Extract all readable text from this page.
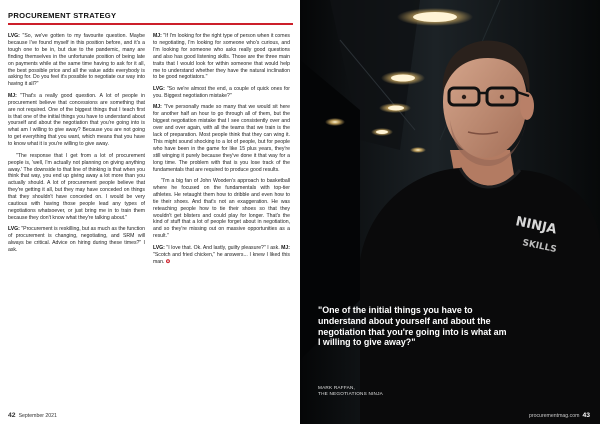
PROCUREMENT STRATEGY

LVG: "So, we've gotten to my favourite question. Maybe because I've found myself in this position before, and it's a tough one to be in, but due to the pandemic, many are finding themselves in the unfortunate position of being late on payments while at the same time having to ask for it all, the best possible price and all the value adds everybody is asking for. Do you feel it's possible to negotiate our way into having it all?"

MJ: "That's a really good question. A lot of people in procurement believe that concessions are something that are not required. One of the biggest things that I teach first is that one of the initial things you have to understand about yourself and about the negotiation that you're going into is what am I willing to give away? Because you are not going to get everything that you want, which means that you have to know what it is you're willing to give away.

"The response that I get from a lot of procurement people is, 'well, I'm actually not planning on giving anything away.' The downside to that line of thinking is that when you think that way, you end up giving away a lot more than you actually should. A lot of procurement people believe that they're getting it all, but they may have conceded on things that they shouldn't have conceded on. I would be very cautious with having those people lead any types of negotiations whatsoever, or just bring me in to train them because they don't know what they're talking about."

LVG: "Procurement is reskilling, but as much as the function of procurement is changing, negotiating, and SRM will always be critical. Advice on hiring during these times?" I ask.

MJ: "If I'm looking for the right type of person when it comes to negotiating, I'm looking for someone who's curious, and I'm looking for someone who asks really good questions and also has good listening skills. Those are the three main traits that I would look for within someone that would help me to understand whether they have the natural inclination to be good negotiators."

LVG: "So we're almost the end, a couple of quick ones for you. Biggest negotiation mistake?"

MJ: "I've personally made so many that we would sit here for another half an hour to go through all of them, but the biggest negotiation mistake that I see consistently over and over and over again, with all the teams that we train is the lack of preparation. Most people think that they can wing it. This might sound shocking to a lot of people, but for people who have been in the game for like 15 plus years, they're still winging it purely because they've done it that way for a long time. The problem with that is you lose track of the fundamentals that are required to produce good results.

"I'm a big fan of John Wooden's approach to basketball where he focused on the fundamentals with top-tier athletes. He retaught them how to dribble and even how to tie their shoes. And that's not an exaggeration. He was reteaching people how to tie their shoes so that they wouldn't get blisters and could play for longer. That's the kind of stuff that a lot of people forget about in negotiation, and so they're missing out on massive opportunities as a result."

LVG: "I love that. Ok. And lastly, guilty pleasure?" I ask. MJ: "Scotch and fried chicken," he answers... I knew I liked this man. ✪

42 September 2021
NINJA
SKILLS
"One of the initial things you have to understand about yourself and about the negotiation that you're going into is what am I willing to give away?"
MARK RAFFAN,
THE NEGOTIATIONS NINJA
procurementmag.com 43
